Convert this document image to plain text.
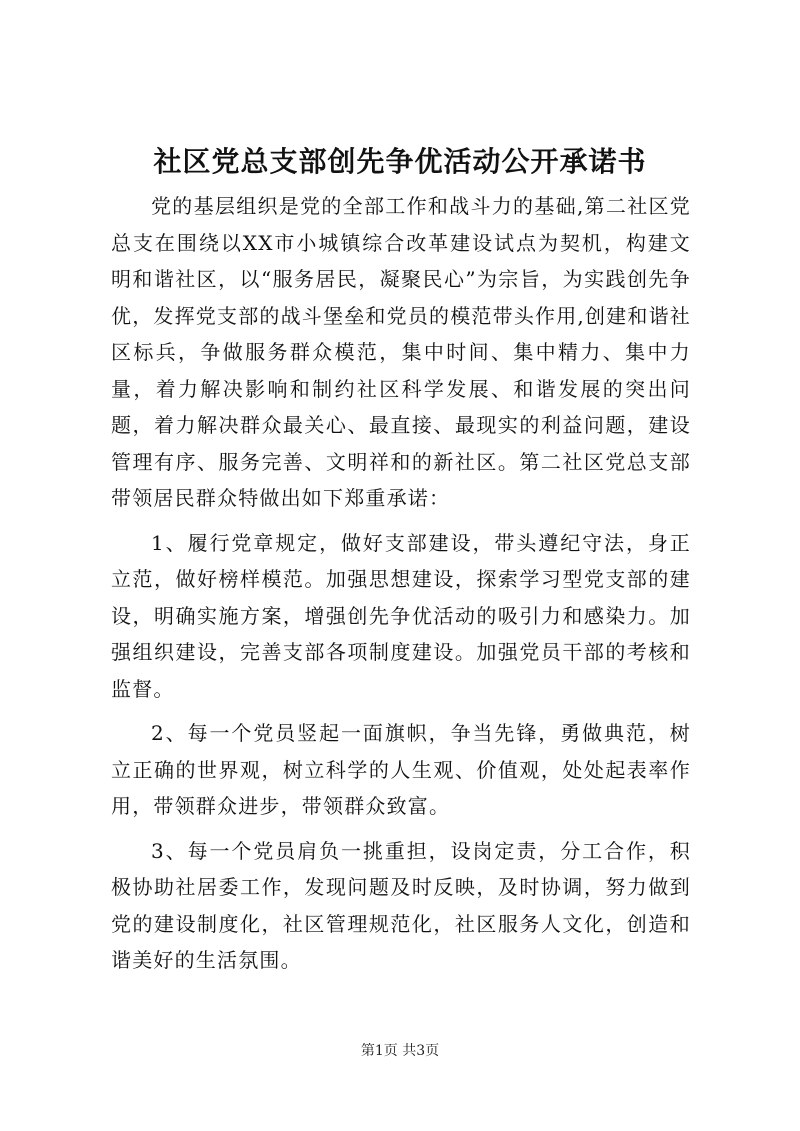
社区党总支部创先争优活动公开承诺书

党的基层组织是党的全部工作和战斗力的基础,第二社区党总支在围绕以XX市小城镇综合改革建设试点为契机，构建文明和谐社区，以“服务居民，凝聚民心”为宗旨，为实践创先争优，发挥党支部的战斗堡垒和党员的模范带头作用,创建和谐社区标兵，争做服务群众模范，集中时间、集中精力、集中力量，着力解决影响和制约社区科学发展、和谐发展的突出问题，着力解决群众最关心、最直接、最现实的利益问题，建设管理有序、服务完善、文明祥和的新社区。第二社区党总支部带领居民群众特做出如下郑重承诺：

1、履行党章规定，做好支部建设，带头遵纪守法，身正立范，做好榜样模范。加强思想建设，探索学习型党支部的建设，明确实施方案，增强创先争优活动的吸引力和感染力。加强组织建设，完善支部各项制度建设。加强党员干部的考核和监督。

2、每一个党员竖起一面旗帜，争当先锋，勇做典范，树立正确的世界观，树立科学的人生观、价值观，处处起表率作用，带领群众进步，带领群众致富。

3、每一个党员肩负一挑重担，设岗定责，分工合作，积极协助社居委工作，发现问题及时反映，及时协调，努力做到党的建设制度化，社区管理规范化，社区服务人文化，创造和谐美好的生活氛围。

第1页 共3页
